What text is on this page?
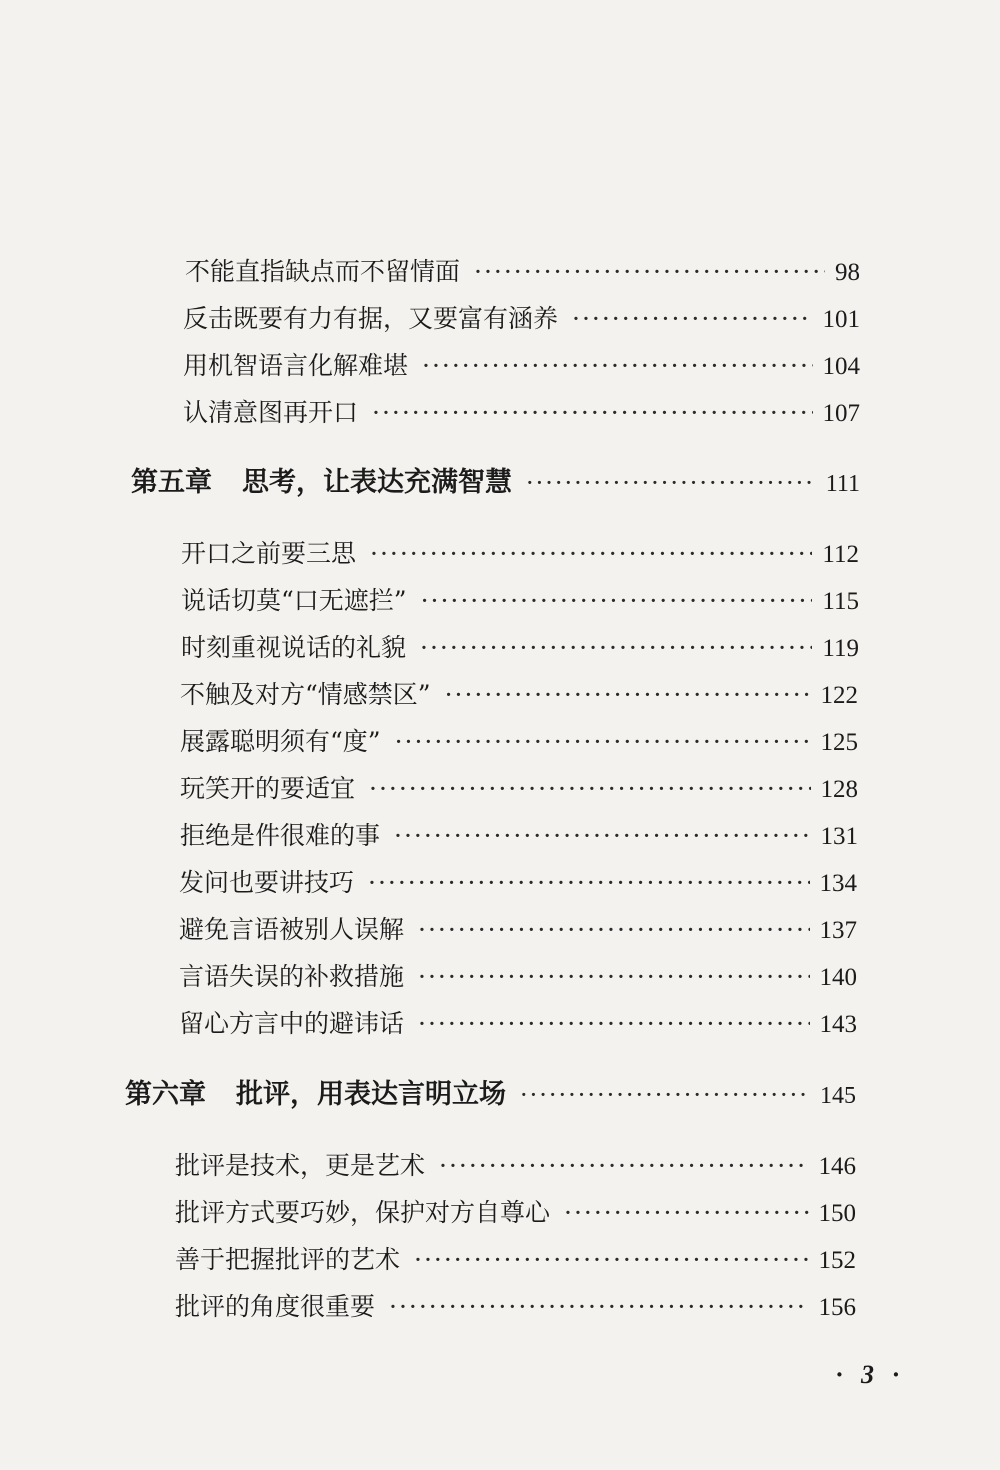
不能直指缺点而不留情面 ·····	98
反击既要有力有据，又要富有涵养 ·····	101
用机智语言化解难堪 ·····	104
认清意图再开口 ·····	107
第五章 思考，让表达充满智慧 ·····	111
开口之前要三思 ·····	112
说话切莫“口无遮拦” ·····	115
时刻重视说话的礼貌 ·····	119
不触及对方“情感禁区” ·····	122
展露聪明须有“度” ·····	125
玩笑开的要适宜 ·····	128
拒绝是件很难的事 ·····	131
发问也要讲技巧 ·····	134
避免言语被别人误解 ·····	137
言语失误的补救措施 ·····	140
留心方言中的避讳话 ·····	143
第六章 批评，用表达言明立场 ·····	145
批评是技术，更是艺术 ·····	146
批评方式要巧妙，保护对方自尊心 ·····	150
善于把握批评的艺术 ·····	152
批评的角度很重要 ·····	156
· 3 ·
